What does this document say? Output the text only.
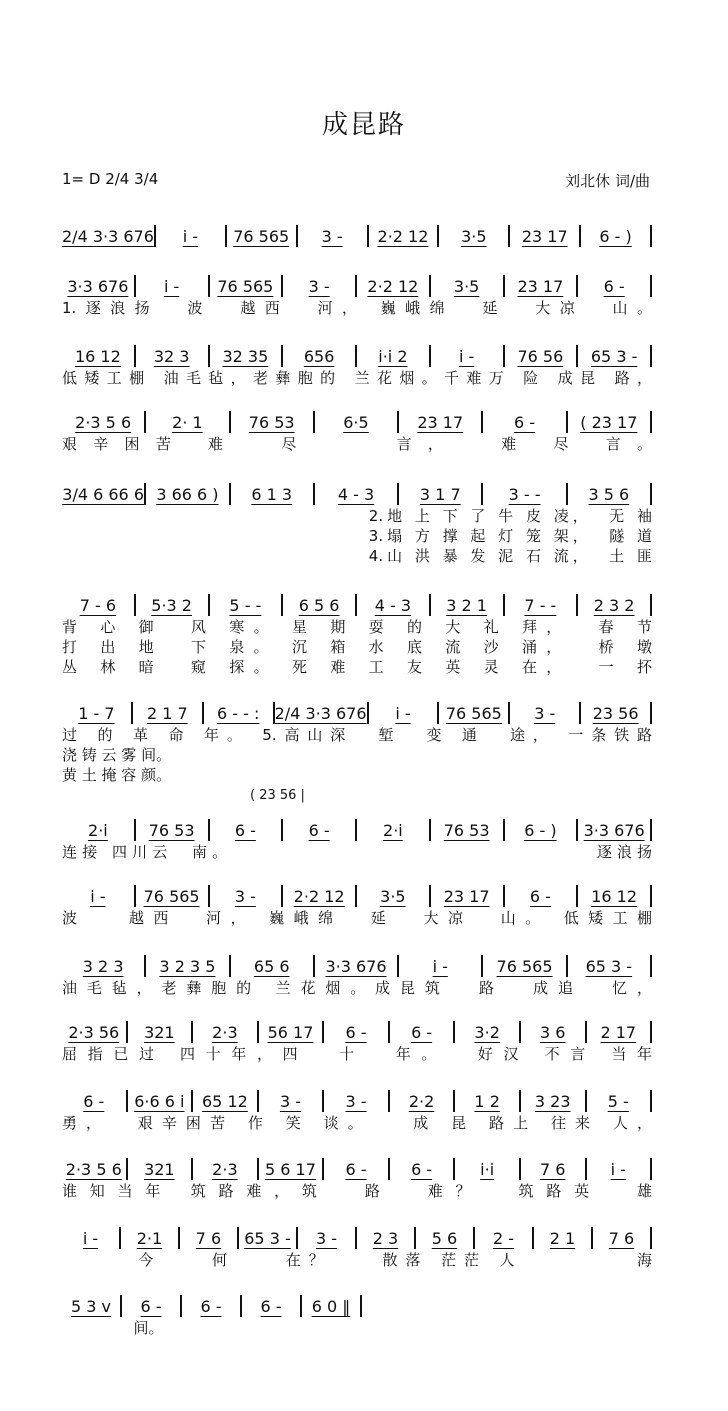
成昆路
1= D 2/4 3/4	刘北休 词/曲
( 23 56 |
2/4 3·3 676	i -	76 565	3 -	2·2 12	3·5	23 17	6 - )
3·3 676	i -	76 565	3 -	2·2 12	3·5	23 17	6 -
1.逐浪扬  波  越西  河， 巍峨绵  延  大凉  山。
16 12	32 3	32 35	656	i·i 2	i -	76 56	65 3 -
低矮工棚 油毛毡，老彝胞的 兰花烟。千难万 险 成昆 路，
2·3 5 6	2· 1	76 53	6·5	23 17	6 -	( 23 17
艰辛困苦 难  尽    言，  难 尽 言。
3/4 6 66 6 3 66 6 )	6 1 3	4 - 3	3 1 7	3 - -	3 5 6
2.地 上 下 了 牛 皮 凌，  无 袖
3.塌 方 撑 起 灯 笼 架，  隧 道
4.山 洪 暴 发 泥 石 流，  土 匪
7 - 6	5·3 2	5 - -	6 5 6	4 - 3	3 2 1	7 - -	2 3 2
背 心 御  风 寒。 星 期 耍 的 大 礼 拜，  春 节
打 出 地  下 泉。 沉 箱 水 底 流 沙 涌，  桥 墩
丛 林 暗  窥 探。 死 难 工 友 英 灵 在，  一 抔
1 - 7	2 1 7	6 - - : 2/4 3·3 676	i -	76 565	3 -	23 56
过 的 革 命 年。 5.高山深  堑  变 通  途， 一条铁路
浇 铸 云 雾 间。
黄 土 掩 容 颜。
2·i	76 53	6 -	6 -	2·i	76 53	6 - )	3·3 676
连接 四川云  南。                                     逐浪扬
i -	76 565	3 -	2·2 12	3·5	23 17	6 -	16 12
波   越西  河， 巍峨绵  延  大凉  山。 低矮工棚
3 2 3	3 2 3 5	65 6	3·3 676	i -	76 565	65 3 -
油毛毡，老彝胞的 兰花烟。成昆筑  路  成追  忆，
2·3 56	321	2·3	56 17	6 -	6 -	3·2	3 6	2 17
屈指已过 四十年，四  十  年。  好汉 不言 当年
6 -	6·6 6 i	65 12	3 -	3 -	2·2	1 2	3 23	5 -
勇，  艰辛困苦 作 笑 谈。   成 昆 路上 往来 人，
2·3 5 6	321	2·3	5 6 17	6 -	6 -	i·i	7 6	i -
谁知当年 筑路难，筑  路  难？  筑路英  雄
i -	2·1	7 6	65 3 -	3 -	2 3	5 6	2 -	2 1	7 6
今    何    在？    散落 茫茫 人         海
5 3 v	6 -	6 -	6 -	6 0 ‖
间。
